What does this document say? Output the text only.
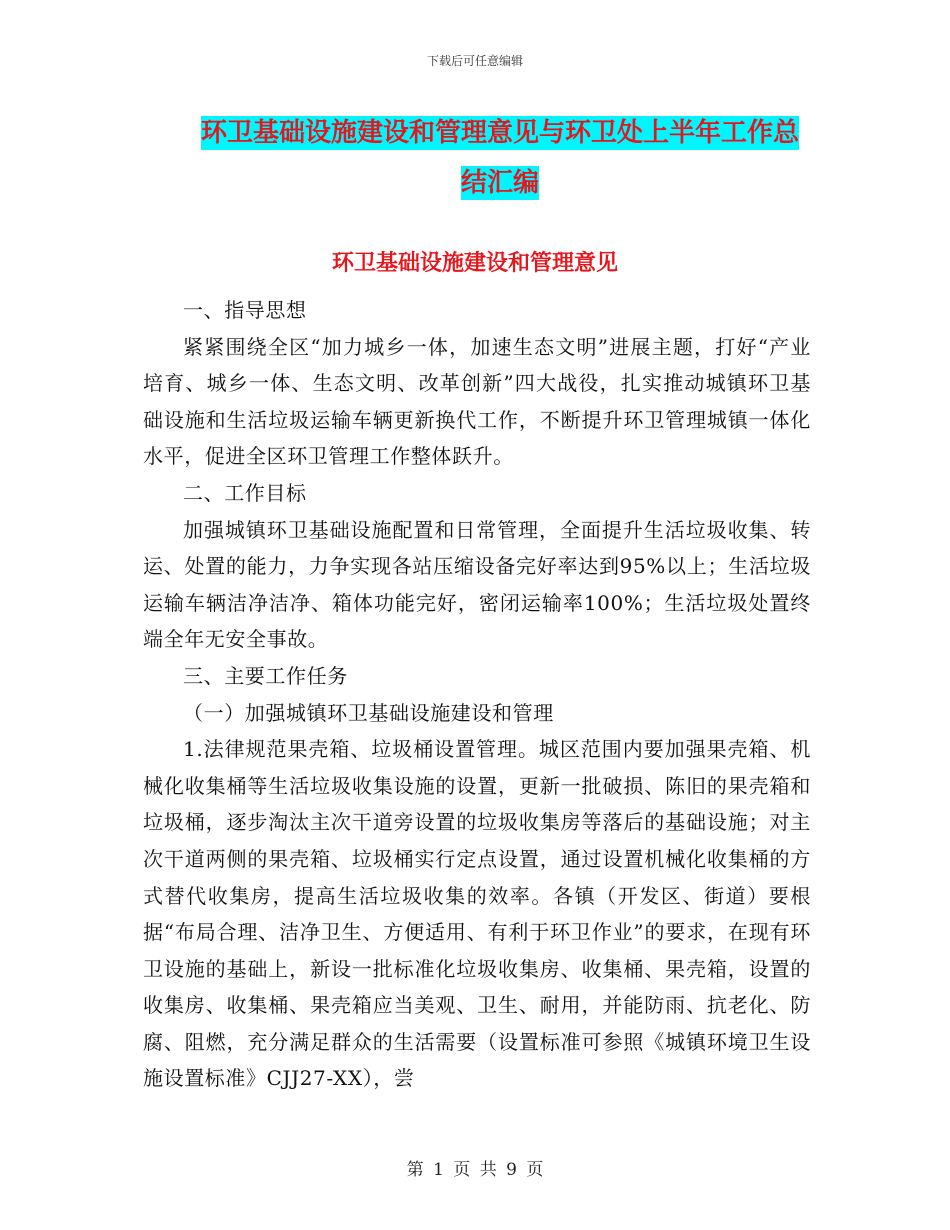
下载后可任意编辑
环卫基础设施建设和管理意见与环卫处上半年工作总
结汇编
环卫基础设施建设和管理意见

一、指导思想

紧紧围绕全区“加力城乡一体，加速生态文明”进展主题，打好“产业培育、城乡一体、生态文明、改革创新”四大战役，扎实推动城镇环卫基础设施和生活垃圾运输车辆更新换代工作，不断提升环卫管理城镇一体化水平，促进全区环卫管理工作整体跃升。

二、工作目标

加强城镇环卫基础设施配置和日常管理，全面提升生活垃圾收集、转运、处置的能力，力争实现各站压缩设备完好率达到95%以上；生活垃圾运输车辆洁净洁净、箱体功能完好，密闭运输率100%；生活垃圾处置终端全年无安全事故。

三、主要工作任务

（一）加强城镇环卫基础设施建设和管理

1.法律规范果壳箱、垃圾桶设置管理。城区范围内要加强果壳箱、机械化收集桶等生活垃圾收集设施的设置，更新一批破损、陈旧的果壳箱和垃圾桶，逐步淘汰主次干道旁设置的垃圾收集房等落后的基础设施；对主次干道两侧的果壳箱、垃圾桶实行定点设置，通过设置机械化收集桶的方式替代收集房，提高生活垃圾收集的效率。各镇（开发区、街道）要根据“布局合理、洁净卫生、方便适用、有利于环卫作业”的要求，在现有环卫设施的基础上，新设一批标准化垃圾收集房、收集桶、果壳箱，设置的收集房、收集桶、果壳箱应当美观、卫生、耐用，并能防雨、抗老化、防腐、阻燃，充分满足群众的生活需要（设置标准可参照《城镇环境卫生设施设置标准》CJJ27-XX），尝

第 1 页 共 9 页
